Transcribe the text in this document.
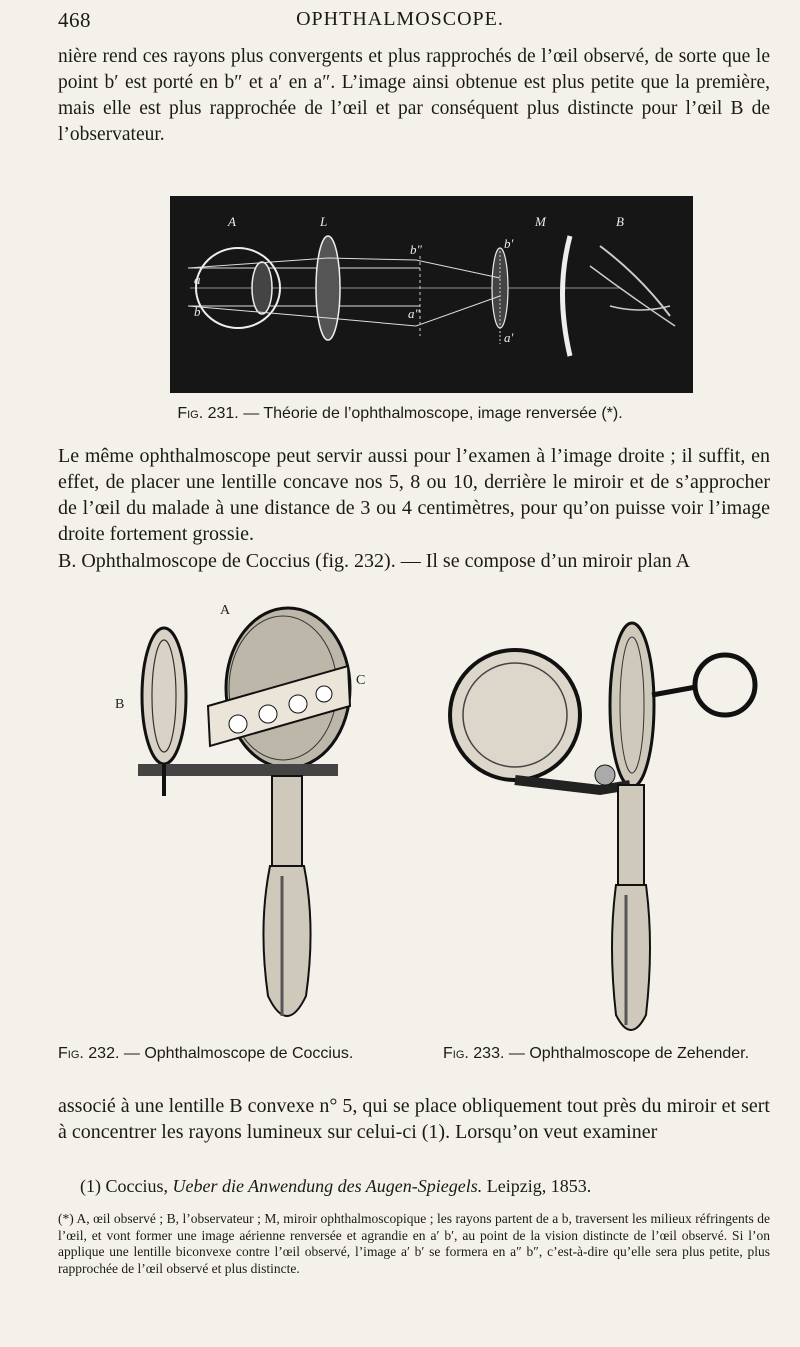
468	OPHTHALMOSCOPE.
nière rend ces rayons plus convergents et plus rapprochés de l’œil observé, de sorte que le point b′ est porté en b″ et a′ en a″. L’image ainsi obtenue est plus petite que la première, mais elle est plus rapprochée de l’œil et par conséquent plus distincte pour l’œil B de l’observateur.
A	L	M	B
a
b
b″	b′
a″
a′
Fig. 231. — Théorie de l’ophthalmoscope, image renversée (*).
Le même ophthalmoscope peut servir aussi pour l’examen à l’image droite ; il suffit, en effet, de placer une lentille concave nos 5, 8 ou 10, derrière le miroir et de s’approcher de l’œil du malade à une distance de 3 ou 4 centimètres, pour qu’on puisse voir l’image droite fortement grossie.
B. Ophthalmoscope de Coccius (fig. 232). — Il se compose d’un miroir plan A
A
B
C
Fig. 232. — Ophthalmoscope de Coccius.	Fig. 233. — Ophthalmoscope de Zehender.
associé à une lentille B convexe n° 5, qui se place obliquement tout près du miroir et sert à concentrer les rayons lumineux sur celui-ci (1). Lorsqu’on veut examiner
(1) Coccius, Ueber die Anwendung des Augen-Spiegels. Leipzig, 1853.
(*) A, œil observé ; B, l’observateur ; M, miroir ophthalmoscopique ; les rayons partent de a b, traversent les milieux réfringents de l’œil, et vont former une image aérienne renversée et agrandie en a′ b′, au point de la vision distincte de l’œil observé. Si l’on applique une lentille biconvexe contre l’œil observé, l’image a′ b′ se formera en a″ b″, c’est-à-dire qu’elle sera plus petite, plus rapprochée de l’œil observé et plus distincte.
